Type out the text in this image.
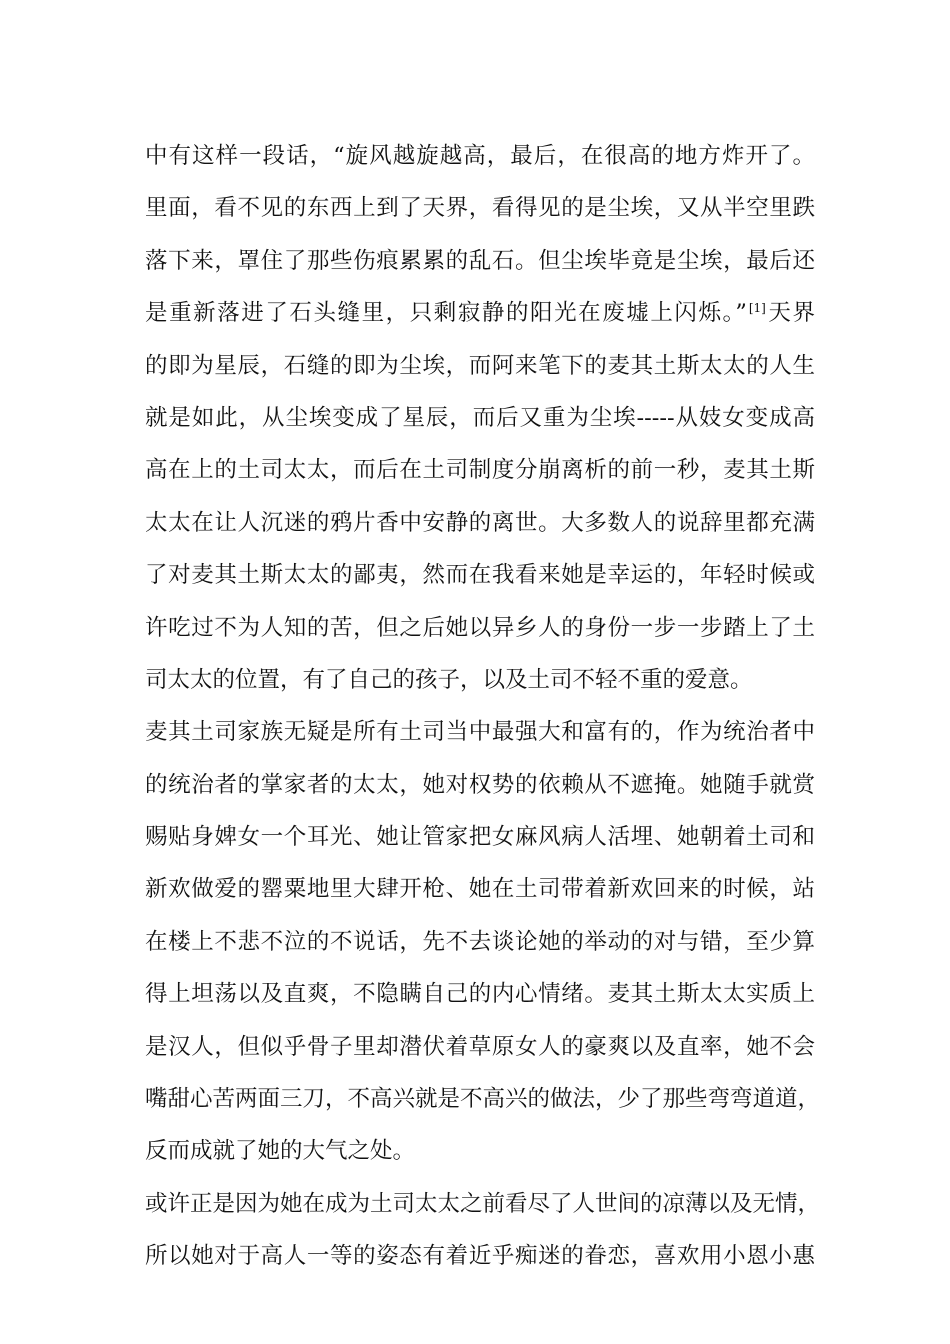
中有这样一段话，“旋风越旋越高，最后，在很高的地方炸开了。
里面，看不见的东西上到了天界，看得见的是尘埃，又从半空里跌
落下来，罩住了那些伤痕累累的乱石。但尘埃毕竟是尘埃，最后还
是重新落进了石头缝里，只剩寂静的阳光在废墟上闪烁。” [1]天界
的即为星辰，石缝的即为尘埃，而阿来笔下的麦其土斯太太的人生
就是如此，从尘埃变成了星辰，而后又重为尘埃-----从妓女变成高
高在上的土司太太，而后在土司制度分崩离析的前一秒，麦其土斯
太太在让人沉迷的鸦片香中安静的离世。大多数人的说辞里都充满
了对麦其土斯太太的鄙夷，然而在我看来她是幸运的，年轻时候或
许吃过不为人知的苦，但之后她以异乡人的身份一步一步踏上了土
司太太的位置，有了自己的孩子，以及土司不轻不重的爱意。
麦其土司家族无疑是所有土司当中最强大和富有的，作为统治者中
的统治者的掌家者的太太，她对权势的依赖从不遮掩。她随手就赏
赐贴身婢女一个耳光、她让管家把女麻风病人活埋、她朝着土司和
新欢做爱的罂粟地里大肆开枪、她在土司带着新欢回来的时候，站
在楼上不悲不泣的不说话，先不去谈论她的举动的对与错，至少算
得上坦荡以及直爽，不隐瞒自己的内心情绪。麦其土斯太太实质上
是汉人，但似乎骨子里却潜伏着草原女人的豪爽以及直率，她不会
嘴甜心苦两面三刀，不高兴就是不高兴的做法，少了那些弯弯道道，
反而成就了她的大气之处。
或许正是因为她在成为土司太太之前看尽了人世间的凉薄以及无情，
所以她对于高人一等的姿态有着近乎痴迷的眷恋，喜欢用小恩小惠
